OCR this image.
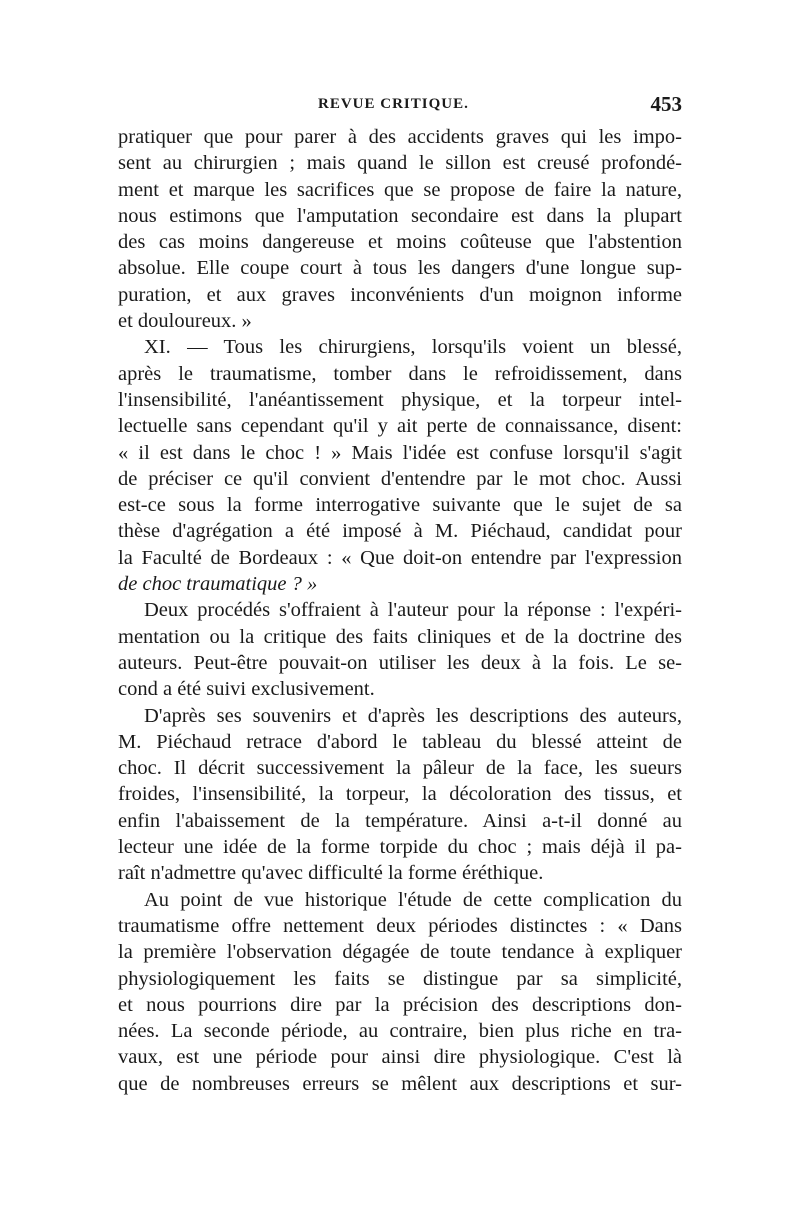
REVUE CRITIQUE.	453
pratiquer que pour parer à des accidents graves qui les impo-
sent au chirurgien ; mais quand le sillon est creusé profondé-
ment et marque les sacrifices que se propose de faire la nature,
nous estimons que l'amputation secondaire est dans la plupart
des cas moins dangereuse et moins coûteuse que l'abstention
absolue. Elle coupe court à tous les dangers d'une longue sup-
puration, et aux graves inconvénients d'un moignon informe
et douloureux. »
XI. — Tous les chirurgiens, lorsqu'ils voient un blessé,
après le traumatisme, tomber dans le refroidissement, dans
l'insensibilité, l'anéantissement physique, et la torpeur intel-
lectuelle sans cependant qu'il y ait perte de connaissance, disent:
« il est dans le choc ! » Mais l'idée est confuse lorsqu'il s'agit
de préciser ce qu'il convient d'entendre par le mot choc. Aussi
est-ce sous la forme interrogative suivante que le sujet de sa
thèse d'agrégation a été imposé à M. Piéchaud, candidat pour
la Faculté de Bordeaux : « Que doit-on entendre par l'expression
de choc traumatique ? »
Deux procédés s'offraient à l'auteur pour la réponse : l'expéri-
mentation ou la critique des faits cliniques et de la doctrine des
auteurs. Peut-être pouvait-on utiliser les deux à la fois. Le se-
cond a été suivi exclusivement.
D'après ses souvenirs et d'après les descriptions des auteurs,
M. Piéchaud retrace d'abord le tableau du blessé atteint de
choc. Il décrit successivement la pâleur de la face, les sueurs
froides, l'insensibilité, la torpeur, la décoloration des tissus, et
enfin l'abaissement de la température. Ainsi a-t-il donné au
lecteur une idée de la forme torpide du choc ; mais déjà il pa-
raît n'admettre qu'avec difficulté la forme éréthique.
Au point de vue historique l'étude de cette complication du
traumatisme offre nettement deux périodes distinctes : « Dans
la première l'observation dégagée de toute tendance à expliquer
physiologiquement les faits se distingue par sa simplicité,
et nous pourrions dire par la précision des descriptions don-
nées. La seconde période, au contraire, bien plus riche en tra-
vaux, est une période pour ainsi dire physiologique. C'est là
que de nombreuses erreurs se mêlent aux descriptions et sur-
